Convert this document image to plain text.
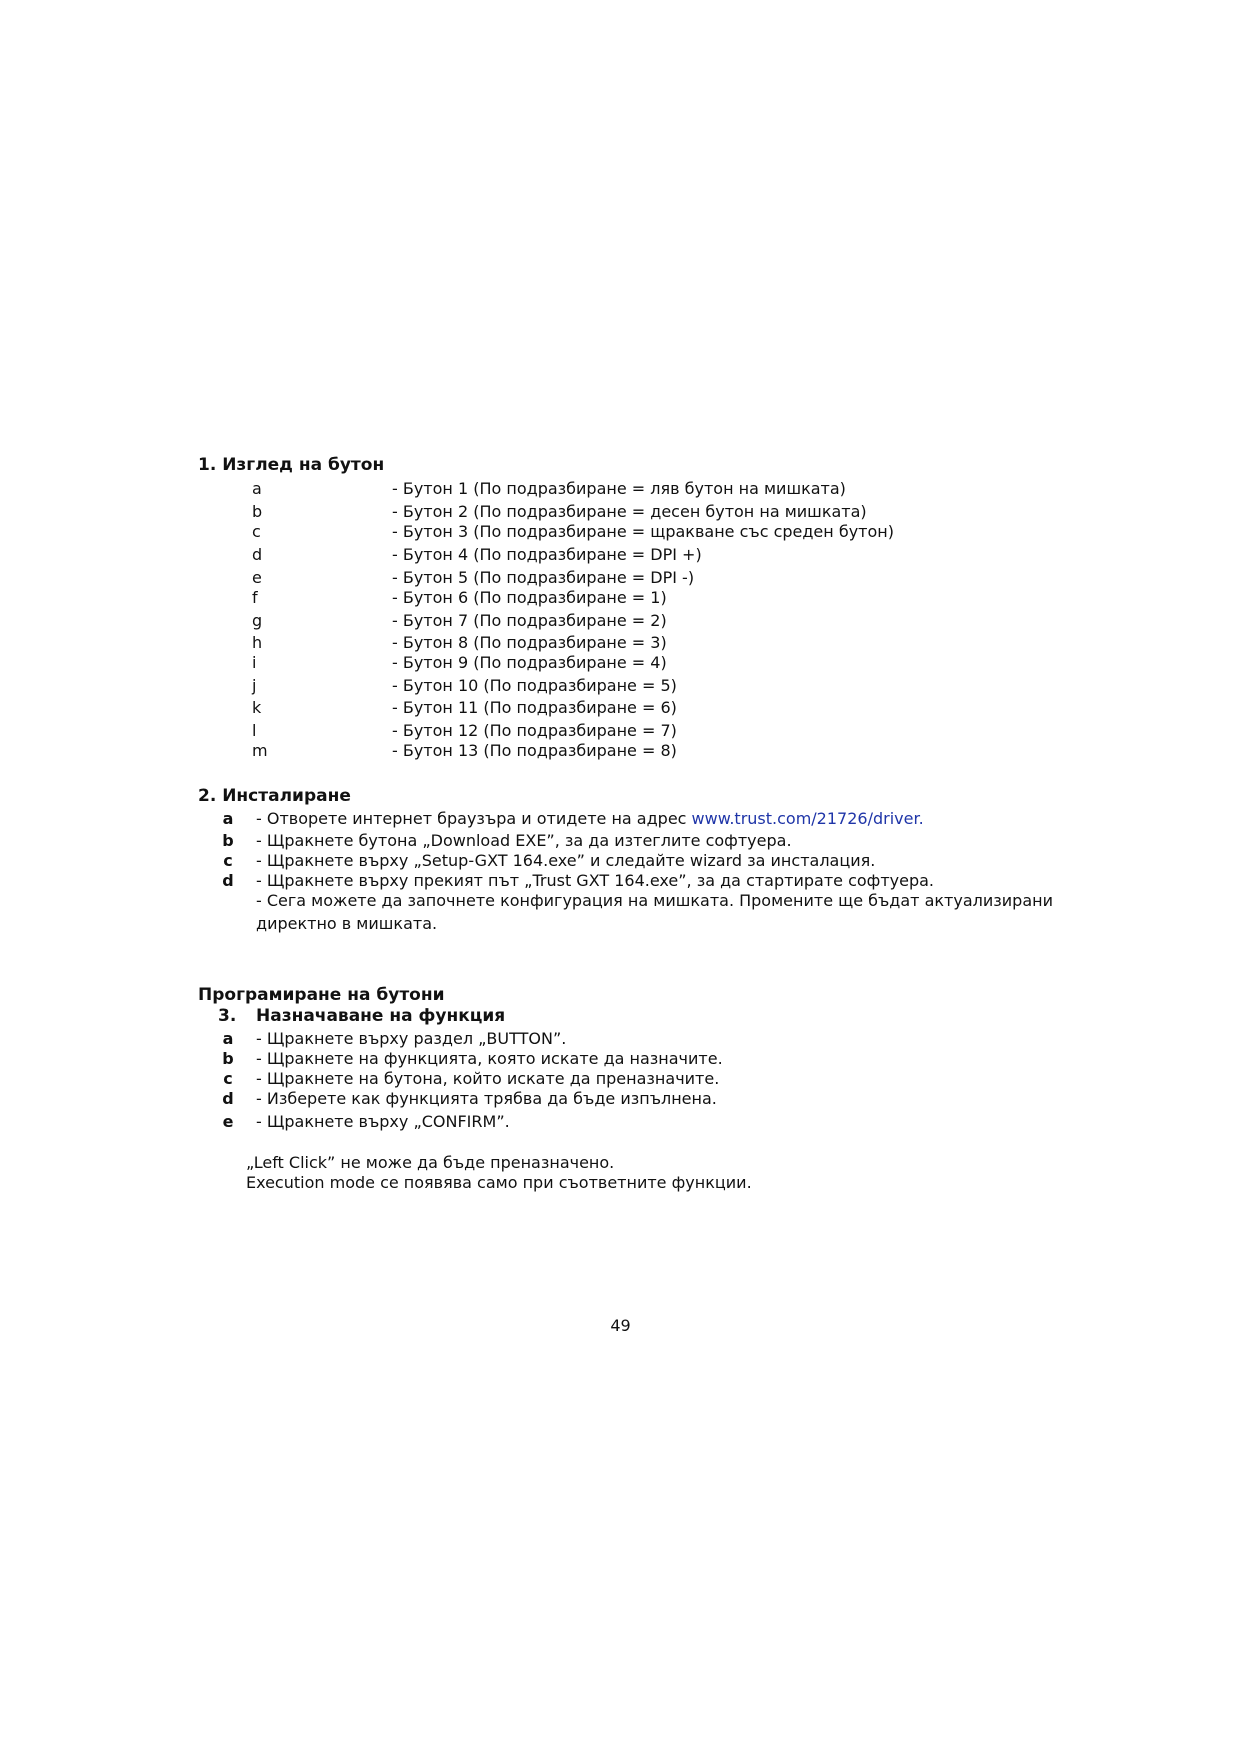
1. Изглед на бутон
a	- Бутон 1 (По подразбиране = ляв бутон на мишката)
b	- Бутон 2 (По подразбиране = десен бутон на мишката)
c	- Бутон 3 (По подразбиране = щракване със среден бутон)
d	- Бутон 4 (По подразбиране = DPI +)
e	- Бутон 5 (По подразбиране = DPI -)
f	- Бутон 6 (По подразбиране = 1)
g	- Бутон 7 (По подразбиране = 2)
h	- Бутон 8 (По подразбиране = 3)
i	- Бутон 9 (По подразбиране = 4)
j	- Бутон 10 (По подразбиране = 5)
k	- Бутон 11 (По подразбиране = 6)
l	- Бутон 12 (По подразбиране = 7)
m	- Бутон 13 (По подразбиране = 8)
2. Инсталиране
a - Отворете интернет браузъра и отидете на адрес www.trust.com/21726/driver.
b - Щракнете бутона „Download EXE”, за да изтеглите софтуера.
c - Щракнете върху „Setup-GXT 164.exe” и следайте wizard за инсталация.
d - Щракнете върху прекият път „Trust GXT 164.exe”, за да стартирате софтуера.
- Сега можете да започнете конфигурация на мишката. Промените ще бъдат актуализирани
директно в мишката.
Програмиране на бутони
3. Назначаване на функция
a - Щракнете върху раздел „BUTTON”.
b - Щракнете на функцията, която искате да назначите.
c - Щракнете на бутона, който искате да преназначите.
d - Изберете как функцията трябва да бъде изпълнена.
e - Щракнете върху „CONFIRM”.
„Left Click” не може да бъде преназначено.
Execution mode се появява само при съответните функции.
49
